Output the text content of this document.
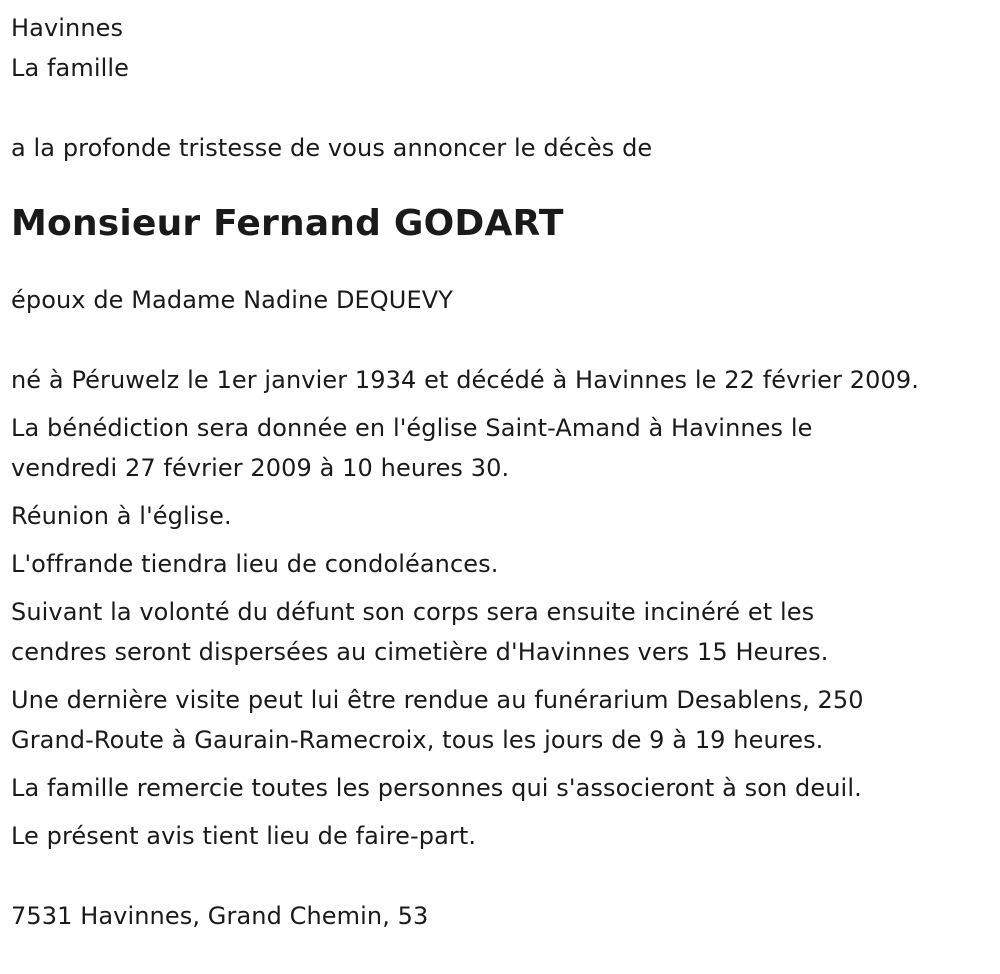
Havinnes

La famille

a la profonde tristesse de vous annoncer le décès de

Monsieur Fernand GODART

époux de Madame Nadine DEQUEVY

né à Péruwelz le 1er janvier 1934 et décédé à Havinnes le 22 février 2009.

La bénédiction sera donnée en l'église Saint-Amand à Havinnes le
vendredi 27 février 2009 à 10 heures 30.

Réunion à l'église.

L'offrande tiendra lieu de condoléances.

Suivant la volonté du défunt son corps sera ensuite incinéré et les
cendres seront dispersées au cimetière d'Havinnes vers 15 Heures.

Une dernière visite peut lui être rendue au funérarium Desablens, 250
Grand-Route à Gaurain-Ramecroix, tous les jours de 9 à 19 heures.

La famille remercie toutes les personnes qui s'associeront à son deuil.

Le présent avis tient lieu de faire-part.

7531 Havinnes, Grand Chemin, 53
